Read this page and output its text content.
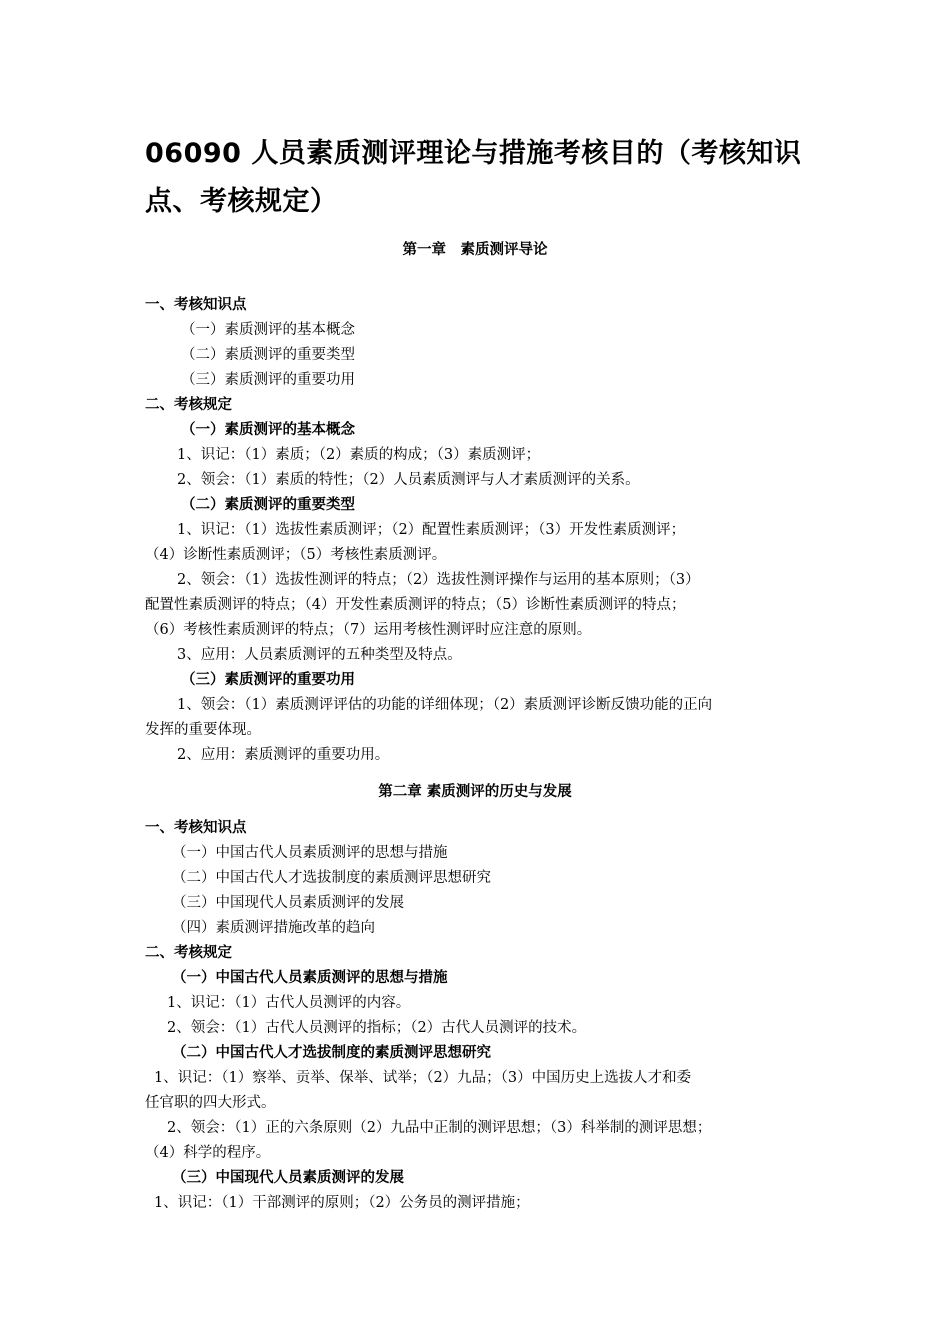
06090 人员素质测评理论与措施考核目的（考核知识点、考核规定）
第一章　素质测评导论
一、考核知识点
（一）素质测评的基本概念
（二）素质测评的重要类型
（三）素质测评的重要功用
二、考核规定
（一）素质测评的基本概念
1、识记：（1）素质；（2）素质的构成；（3）素质测评；
2、领会：（1）素质的特性；（2）人员素质测评与人才素质测评的关系。
（二）素质测评的重要类型
1、识记：（1）选拔性素质测评；（2）配置性素质测评；（3）开发性素质测评；
（4）诊断性素质测评；（5）考核性素质测评。
2、领会：（1）选拔性测评的特点；（2）选拔性测评操作与运用的基本原则；（3）
配置性素质测评的特点；（4）开发性素质测评的特点；（5）诊断性素质测评的特点；
（6）考核性素质测评的特点；（7）运用考核性测评时应注意的原则。
3、应用：人员素质测评的五种类型及特点。
（三）素质测评的重要功用
1、领会：（1）素质测评评估的功能的详细体现；（2）素质测评诊断反馈功能的正向
发挥的重要体现。
2、应用：素质测评的重要功用。
第二章 素质测评的历史与发展
一、考核知识点
（一）中国古代人员素质测评的思想与措施
（二）中国古代人才选拔制度的素质测评思想研究
（三）中国现代人员素质测评的发展
（四）素质测评措施改革的趋向
二、考核规定
（一）中国古代人员素质测评的思想与措施
1、识记：（1）古代人员测评的内容。
2、领会：（1）古代人员测评的指标；（2）古代人员测评的技术。
（二）中国古代人才选拔制度的素质测评思想研究
1、识记：（1）察举、贡举、保举、试举；（2）九品；（3）中国历史上选拔人才和委
任官职的四大形式。
2、领会：（1）正的六条原则（2）九品中正制的测评思想；（3）科举制的测评思想；
（4）科学的程序。
（三）中国现代人员素质测评的发展
1、识记：（1）干部测评的原则；（2）公务员的测评措施；
